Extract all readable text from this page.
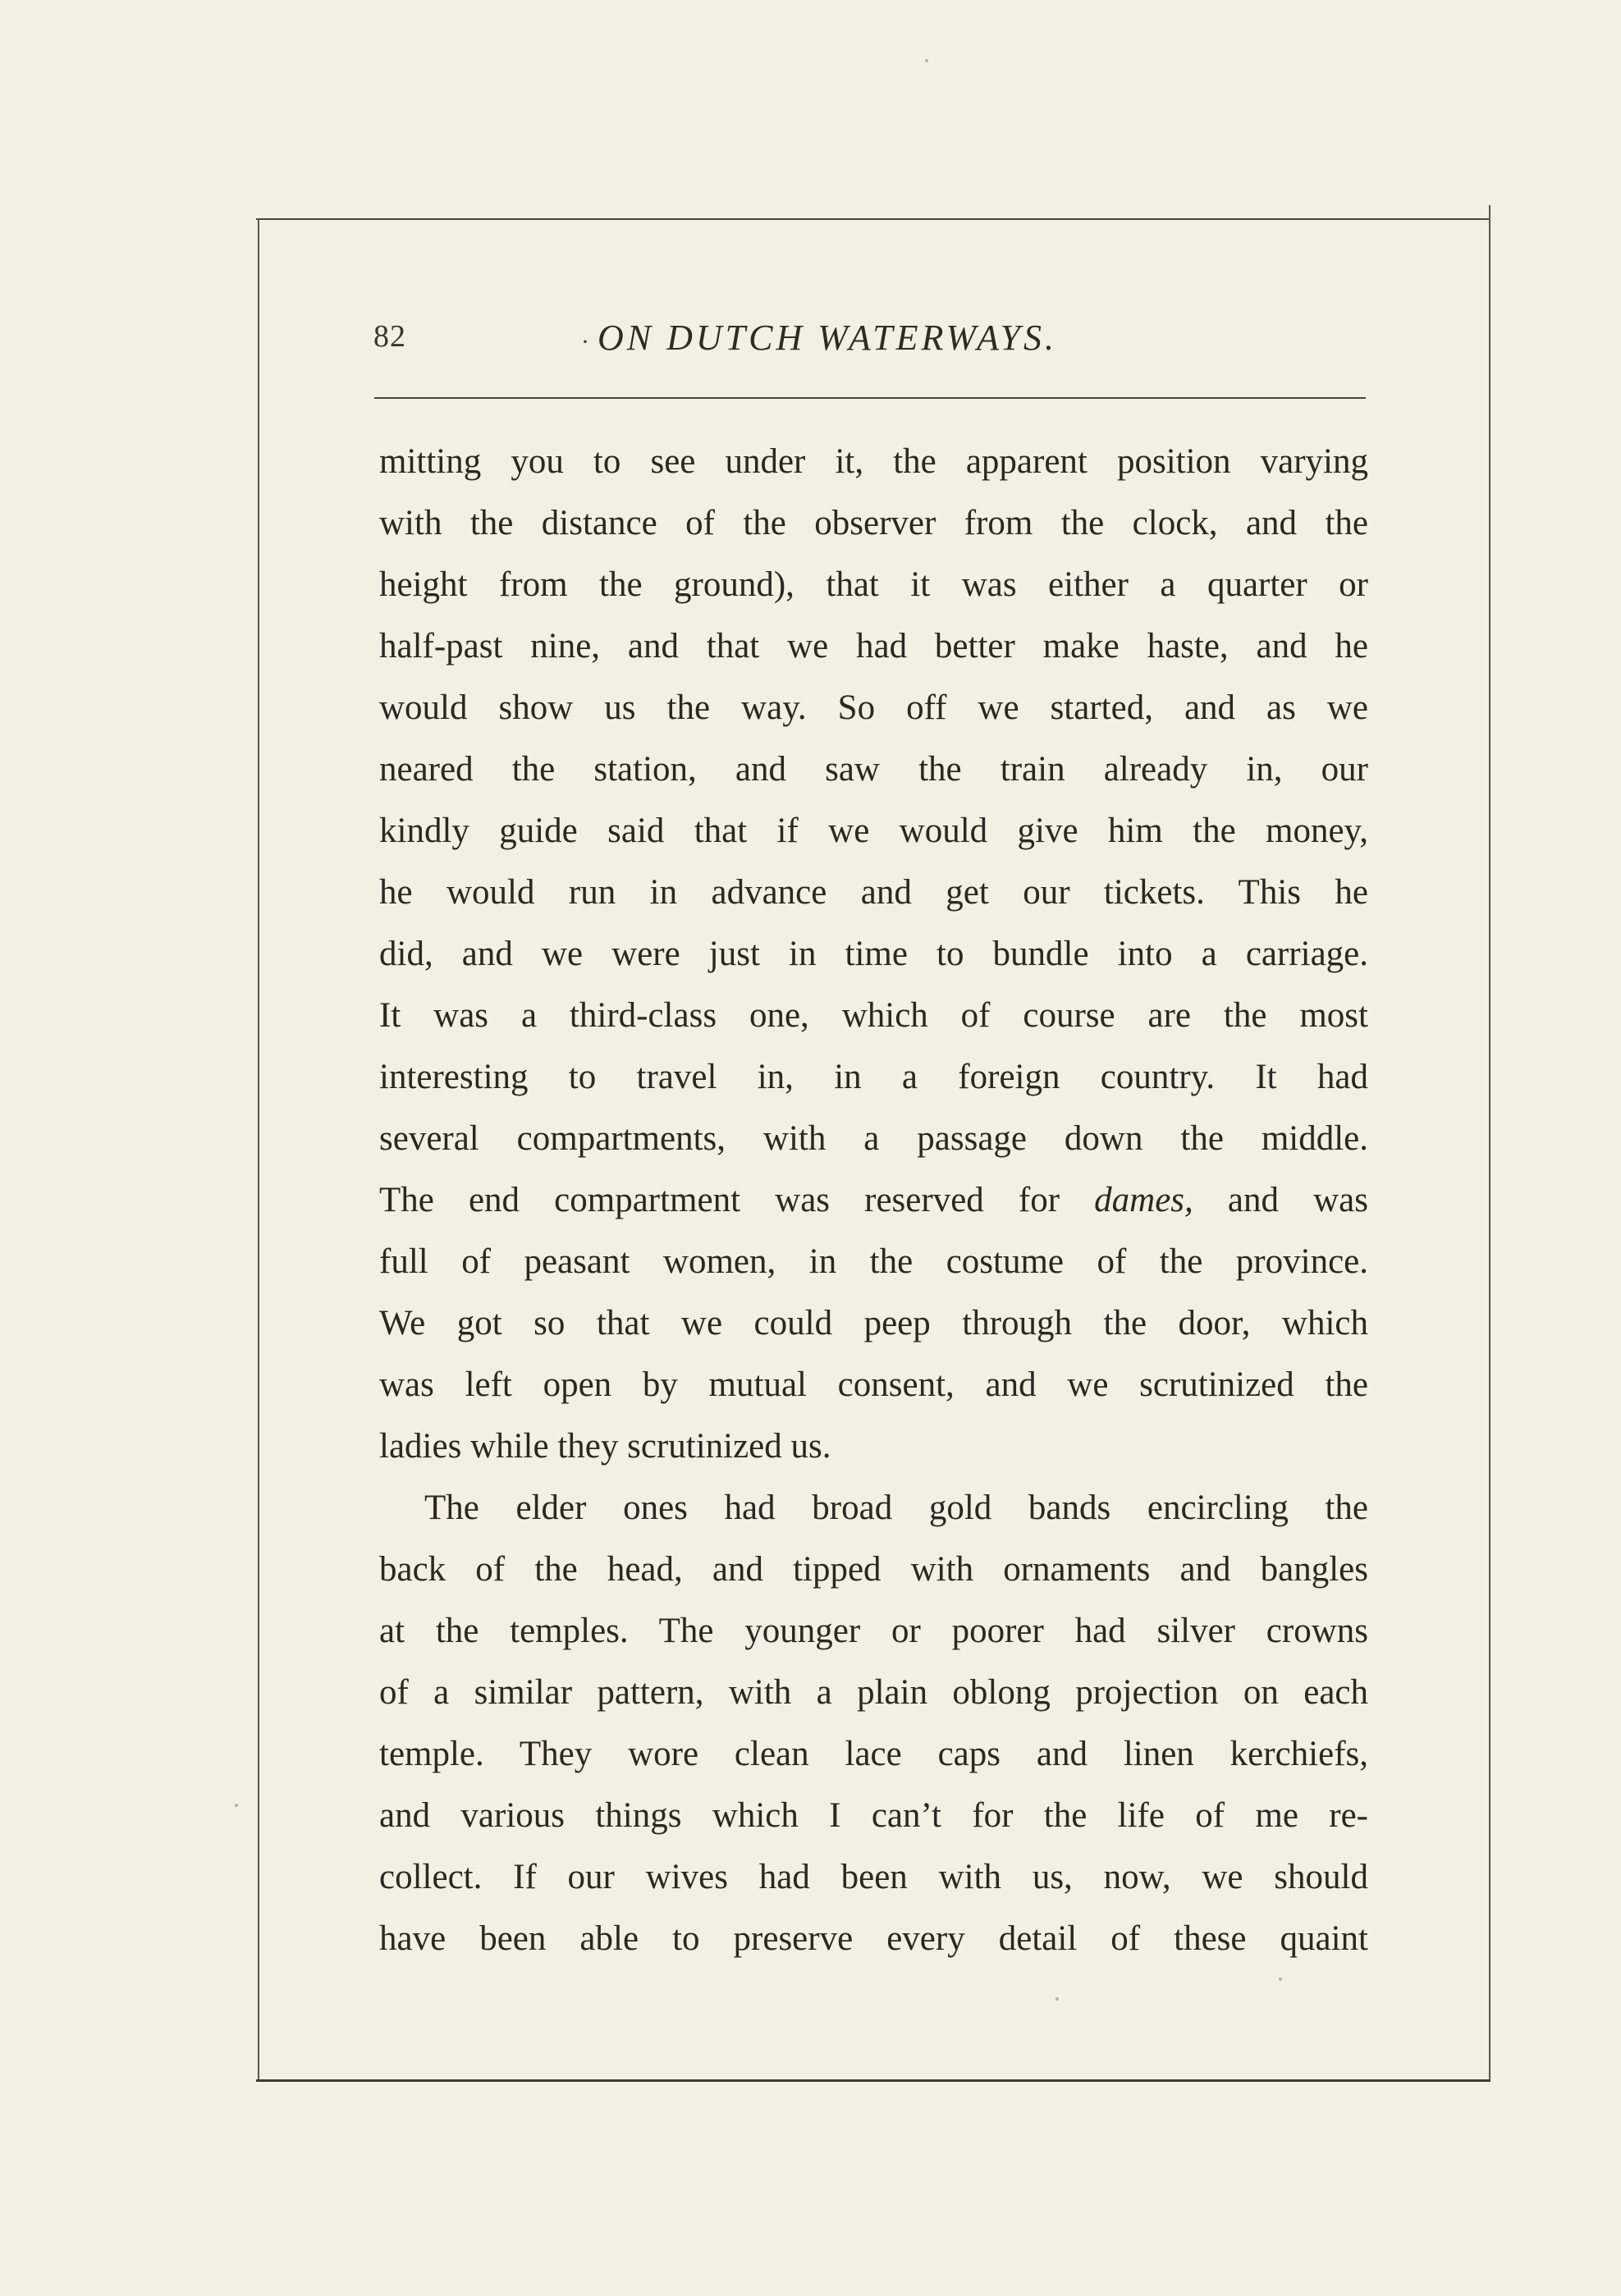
82	· ON DUTCH WATERWAYS.
mitting you to see under it, the apparent position varying
with the distance of the observer from the clock, and the
height from the ground), that it was either a quarter or
half-past nine, and that we had better make haste, and he
would show us the way. So off we started, and as we
neared the station, and saw the train already in, our
kindly guide said that if we would give him the money,
he would run in advance and get our tickets. This he
did, and we were just in time to bundle into a carriage.
It was a third-class one, which of course are the most
interesting to travel in, in a foreign country. It had
several compartments, with a passage down the middle.
The end compartment was reserved for dames, and was
full of peasant women, in the costume of the province.
We got so that we could peep through the door, which
was left open by mutual consent, and we scrutinized the
ladies while they scrutinized us.
The elder ones had broad gold bands encircling the
back of the head, and tipped with ornaments and bangles
at the temples. The younger or poorer had silver crowns
of a similar pattern, with a plain oblong projection on each
temple. They wore clean lace caps and linen kerchiefs,
and various things which I can’t for the life of me re-
collect. If our wives had been with us, now, we should
have been able to preserve every detail of these quaint
